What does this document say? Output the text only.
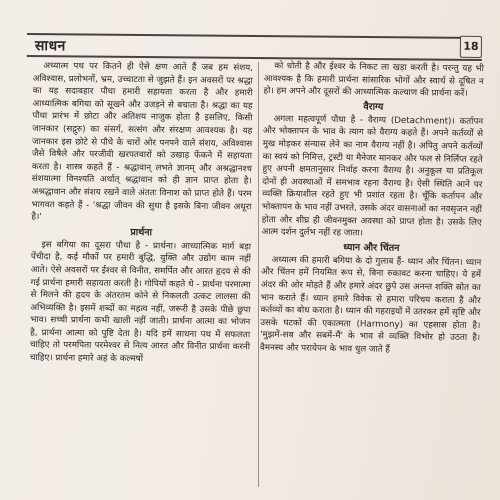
साधन	18

अध्यात्म पथ पर कितने ही ऐसे क्षण आते हैं जब हम संशय, अविश्वास, प्रलोभनों, भ्रम, उच्चाटता से जुझते हैं। इन अवसरों पर श्रद्धा का यह सदाबहार पौधा हमारी सहायता करता है और हमारी आध्यात्मिक बगिया को सूखने और उजड़ने से बचाता है। श्रद्धा का यह पौधा प्रारंभ में छोटा और अतिशय नाजुक होता है इसलिए, किसी जानकार (सद्गुरु) का संसर्ग, सत्संग और संरक्षण आवश्यक है। यह जानकार इस छोटे से पौधे के चारों ओर पनपने वाले संशय, अविश्वास जैसे विषैले और परजीवी खरपतवारों को उखाड़ फेंकने में सहायता करता है। शास्त्र कहते हैं - श्रद्धावान् लभते ज्ञानम् और अश्रद्धानश्च संशयात्मा विनश्यति अर्थात् श्रद्धावान को ही ज्ञान प्राप्त होता है। अश्रद्धावान और संशय रखने वाले अंततः विनाश को प्राप्त होते हैं। परम भागवत कहते हैं - 'श्रद्धा जीवन की सुधा है इसके बिना जीवन अधूरा है।'

प्रार्थना

इस बगिया का दूसरा पौधा है - प्रार्थना। आध्यात्मिक मार्ग बड़ा पेंचीदा है, कई मौकों पर हमारी बुद्धि, युक्ति और उद्योग काम नहीं आते। ऐसे अवसरों पर ईश्वर से विनीत, समर्पित और आरत हृदय से की गई प्रार्थना हमारी सहायता करती है। गोपियों कहते थे - प्रार्थना परमात्मा से मिलने की हृदय के अंतरतम कोने से निकलती उत्कट लालसा की अभिव्यक्ति है। इसमें शब्दों का महत्व नहीं, जरूरी है उसके पीछे छुपा भाव। सच्ची प्रार्थना कभी खाली नहीं जाती। प्रार्थना आत्मा का भोजन है, प्रार्थना आत्मा को पुष्टि देता है। यदि हमें साधना पथ में सफलता चाहिए तो परमपिता परमेश्वर से नित्य आरत और विनीत प्रार्थना करनी चाहिए। प्रार्थना हमारे अहं के कल्मषों

को धोती है और ईश्वर के निकट ला खड़ा करती है। परन्तु यह भी आवश्यक है कि हमारी प्रार्थना सांसारिक भोगों और स्वार्थ से दूषित न हो। हम अपने और दूसरों की आध्यात्मिक कल्याण की प्रार्थना करें।

वैराग्य

अगला महत्वपूर्ण पौधा है - वैराग्य (Detachment)। कर्तापन और भोक्तापन के भाव के त्याग को वैराग्य कहते हैं। अपने कर्तव्यों से मुख मोड़कर संन्यास लेने का नाम वैराग्य नहीं है। अपितु अपने कर्तव्यों का स्वयं को निमित्त, ट्रस्टी या मैनेजर मानकर और फल से निर्लिप्त रहते हुए अपनी क्षमतानुसार निर्वाह करना वैराग्य है। अनुकूल या प्रतिकूल दोनों ही अवस्थाओं में समभाव रहना वैराग्य है। ऐसी स्थिति आने पर व्यक्ति क्रियाशील रहते हुए भी प्रशांत रहता है। चूँकि कर्तापन और भोक्तापन के भाव नहीं उभरते, उसके अंदर वासनाओं का नवसृजन नहीं होता और शीघ्र ही जीवनमुक्त अवस्था को प्राप्त होता है। उसके लिए आत्म दर्शन दुर्लभ नहीं रह जाता।

ध्यान और चिंतन

अध्यात्म की हमारी बगिया के दो गुलाब हैं- ध्यान और चिंतन। ध्यान और चिंतन हमें नियमित रूप से, बिना रुकावट करना चाहिए। ये हमें अंदर की ओर मोड़ते हैं और हमारे अंदर छुपे उस अनन्त शक्ति स्रोत का भान कराते हैं। ध्यान हमारे विवेक से हमारा परिचय कराता है और कर्तव्यों का बोध कराता है। ध्यान की गहराइयों में उतरकर हमें सृष्टि और उसके घटकों की एकात्मता (Harmony) का एहसास होता है। 'मुझमें-सब और सबमें-मैं' के भाव से व्यक्ति विभोर हो उठता है। वैमनस्य और परायेपन के भाव धुल जाते हैं
